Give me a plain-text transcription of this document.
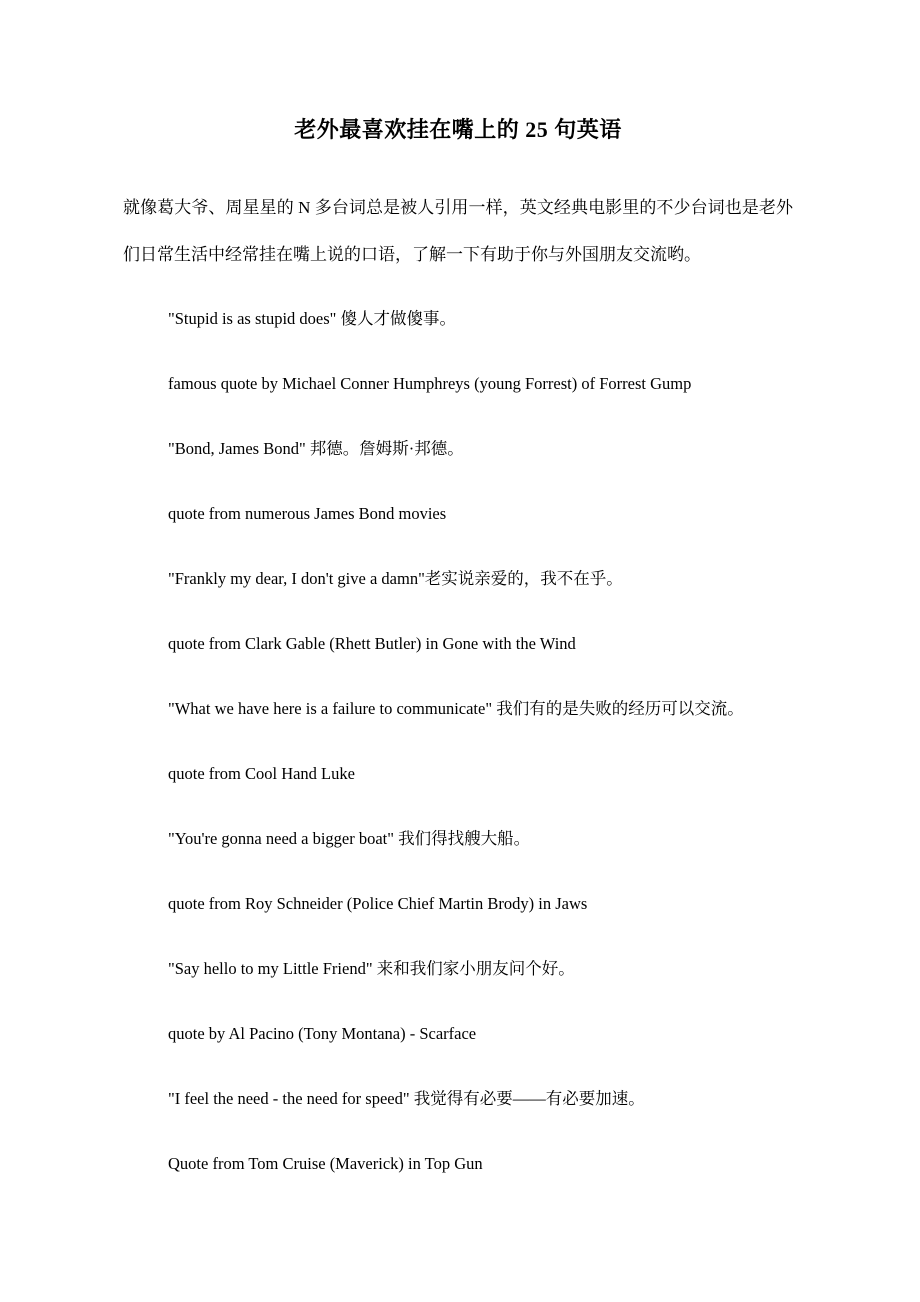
老外最喜欢挂在嘴上的 25 句英语

就像葛大爷、周星星的 N 多台词总是被人引用一样，英文经典电影里的不少台词也是老外们日常生活中经常挂在嘴上说的口语，了解一下有助于你与外国朋友交流哟。

"Stupid is as stupid does" 傻人才做傻事。
famous quote by Michael Conner Humphreys (young Forrest) of Forrest Gump
"Bond, James Bond" 邦德。詹姆斯·邦德。
quote from numerous James Bond movies
"Frankly my dear, I don't give a damn"老实说亲爱的，我不在乎。
quote from Clark Gable (Rhett Butler) in Gone with the Wind
"What we have here is a failure to communicate" 我们有的是失败的经历可以交流。
quote from Cool Hand Luke
"You're gonna need a bigger boat" 我们得找艘大船。
quote from Roy Schneider (Police Chief Martin Brody) in Jaws
"Say hello to my Little Friend" 来和我们家小朋友问个好。
quote by Al Pacino (Tony Montana) - Scarface
"I feel the need - the need for speed" 我觉得有必要——有必要加速。
Quote from Tom Cruise (Maverick) in Top Gun
